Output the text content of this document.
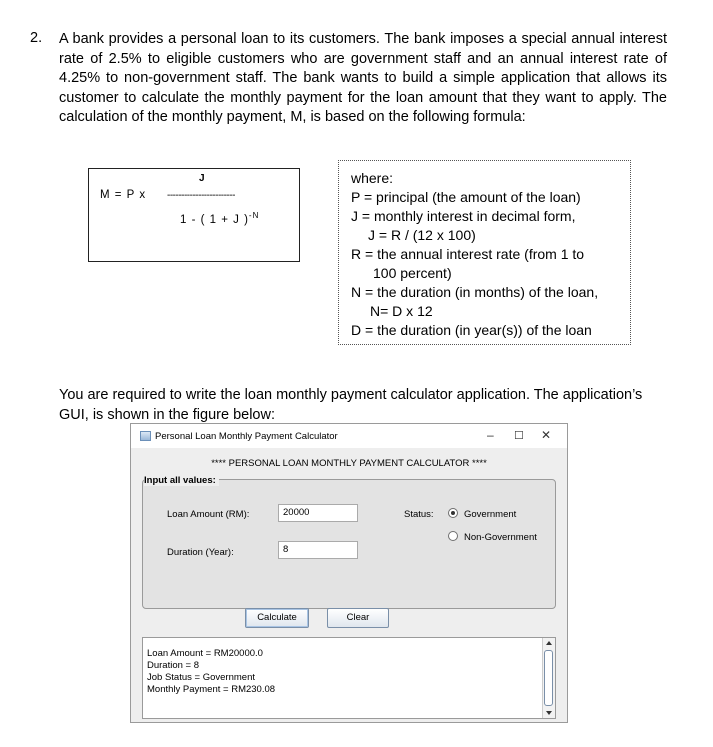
2. A bank provides a personal loan to its customers. The bank imposes a special annual interest rate of 2.5% to eligible customers who are government staff and an annual interest rate of 4.25% to non-government staff. The bank wants to build a simple application that allows its customer to calculate the monthly payment for the loan amount that they want to apply. The calculation of the monthly payment, M, is based on the following formula:

J
M = P x ------------------------
1 - ( 1 + J )$^{-N}$
where:
P = principal (the amount of the loan)
J = monthly interest in decimal form,
J = R / (12 x 100)
R = the annual interest rate (from 1 to
100 percent)
N = the duration (in months) of the loan,
N= D x 12
D = the duration (in year(s)) of the loan

You are required to write the loan monthly payment calculator application. The application’s GUI, is shown in the figure below:

Personal Loan Monthly Payment Calculator	– ☐ ✕
**** PERSONAL LOAN MONTHLY PAYMENT CALCULATOR ****
Input all values:
Loan Amount (RM):	20000
Duration (Year):	8
Status:	Government
Non-Government
Calculate	Clear
Loan Amount = RM20000.0
Duration = 8
Job Status = Government
Monthly Payment = RM230.08
